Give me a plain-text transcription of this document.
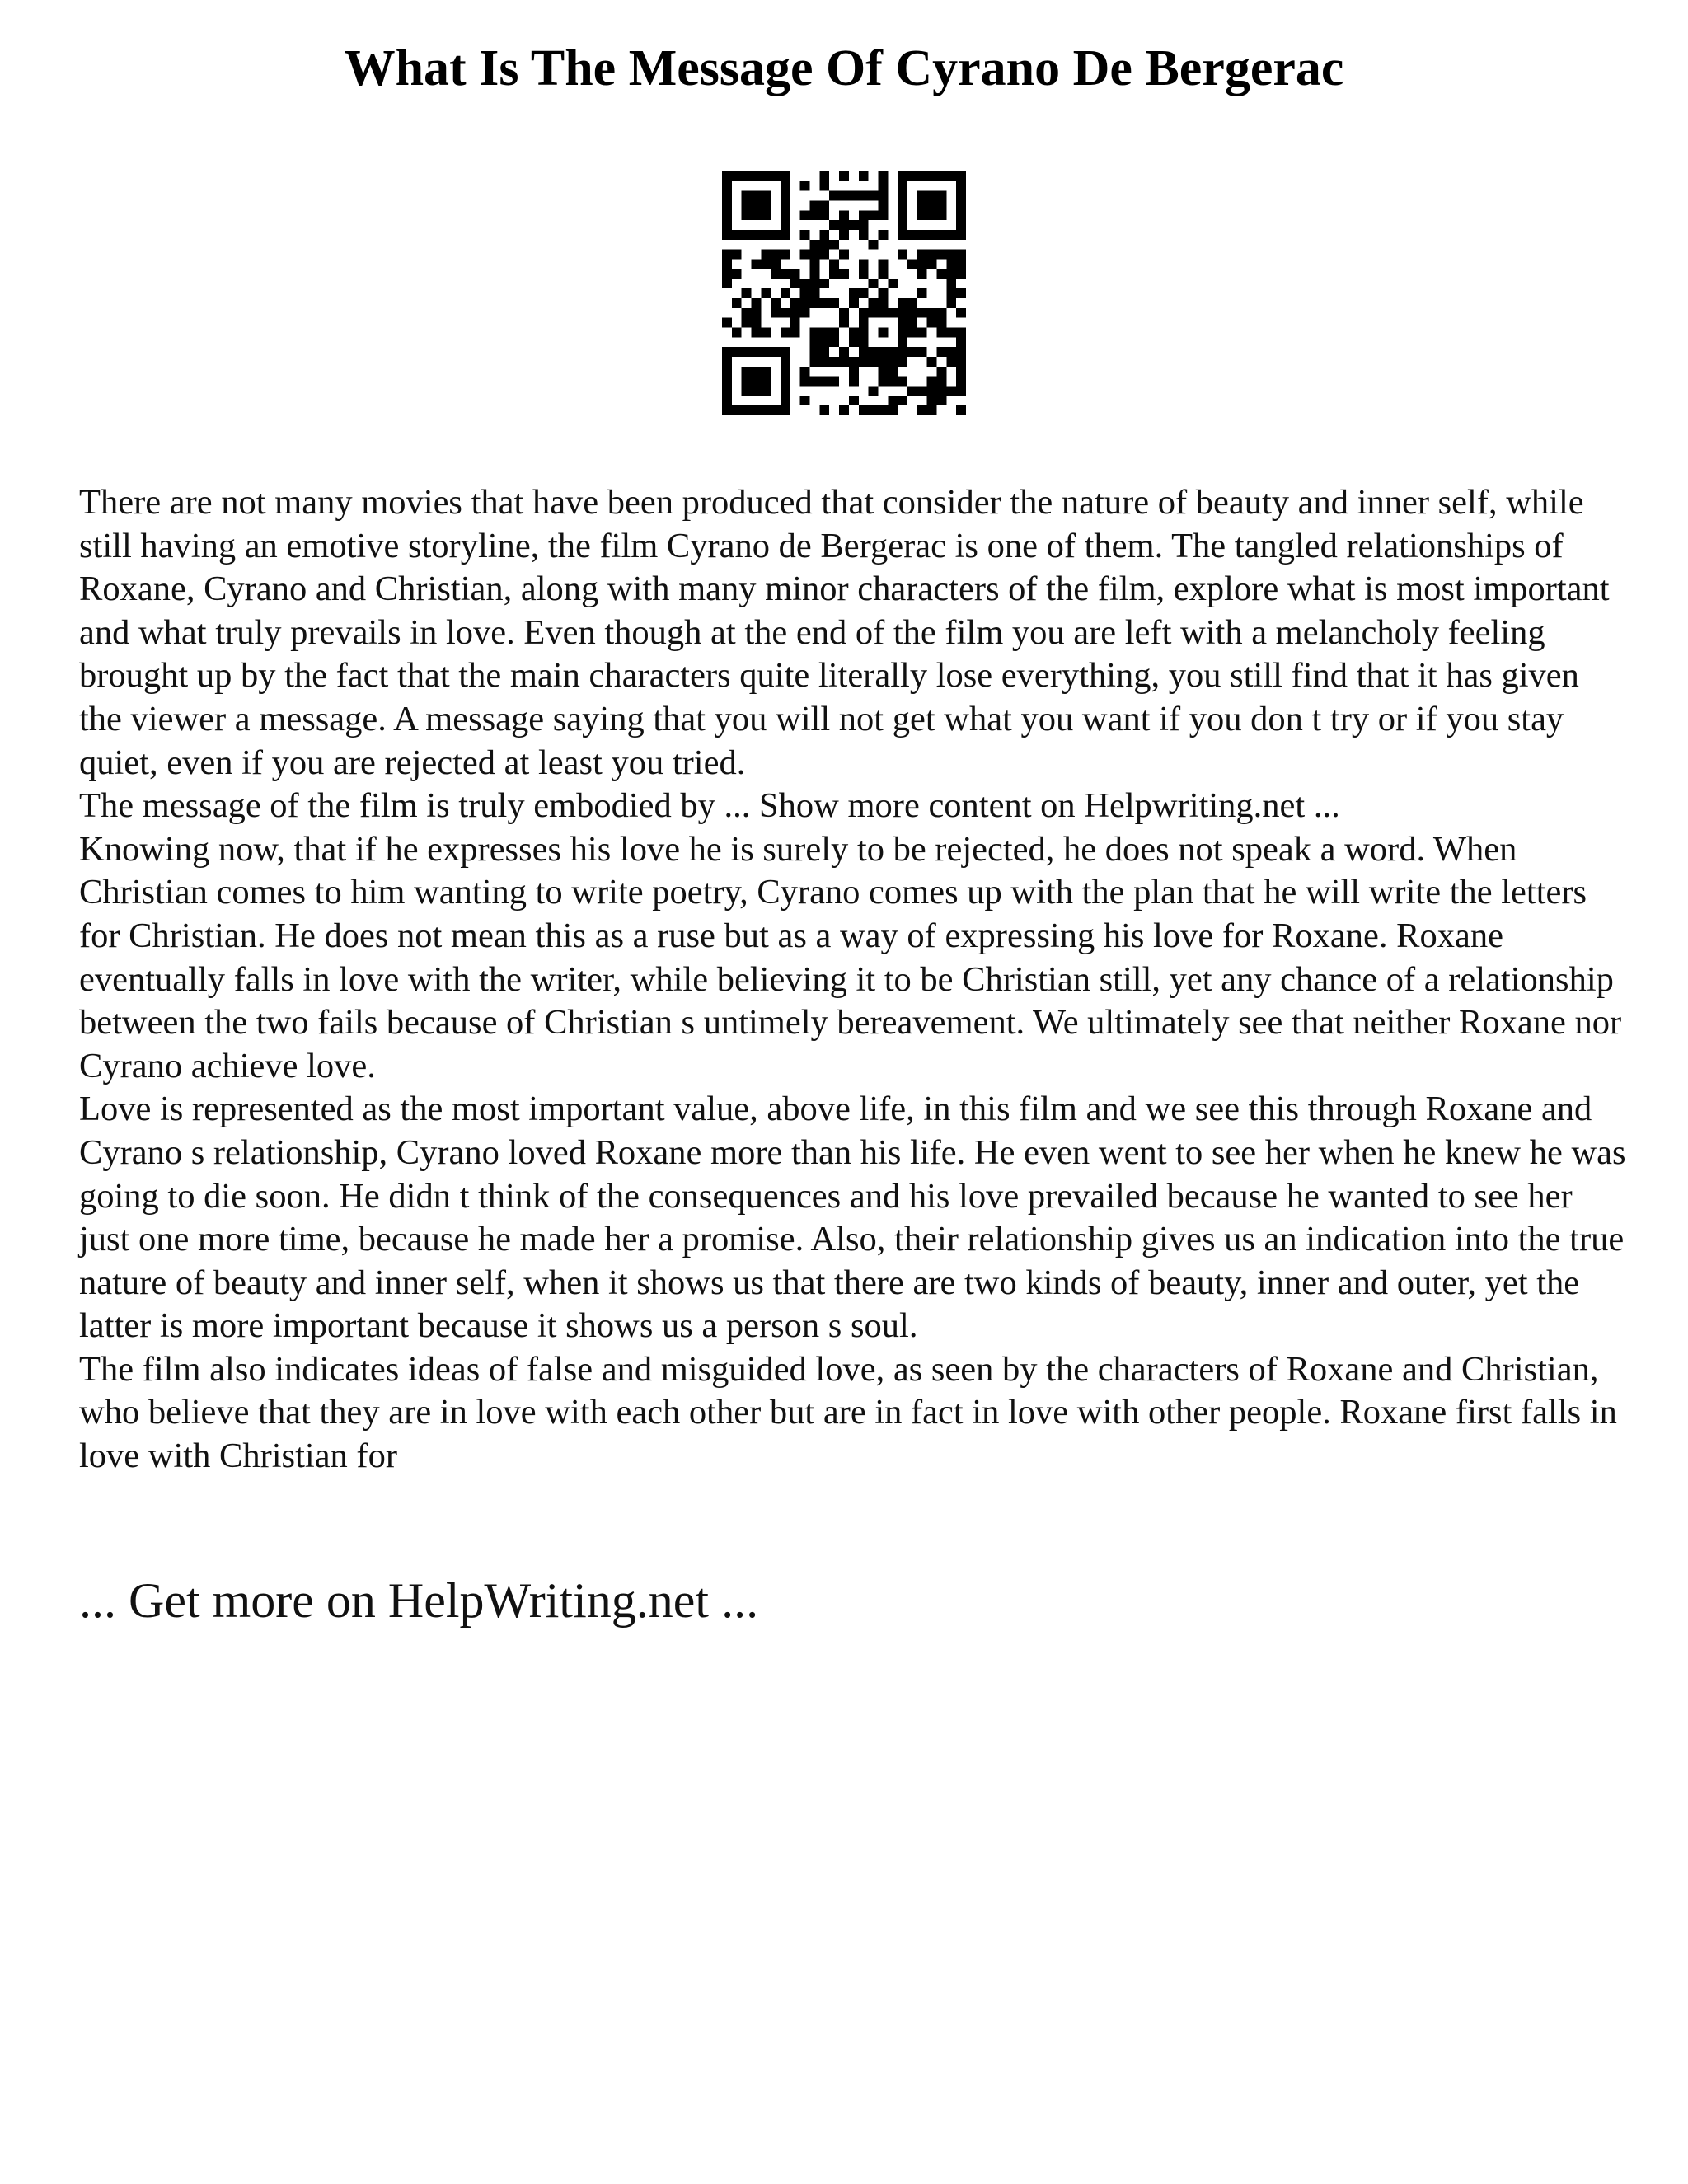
What Is The Message Of Cyrano De Bergerac

There are not many movies that have been produced that consider the nature of beauty and inner self, while still having an emotive storyline, the film Cyrano de Bergerac is one of them. The tangled relationships of Roxane, Cyrano and Christian, along with many minor characters of the film, explore what is most important and what truly prevails in love. Even though at the end of the film you are left with a melancholy feeling brought up by the fact that the main characters quite literally lose everything, you still find that it has given the viewer a message. A message saying that you will not get what you want if you don t try or if you stay quiet, even if you are rejected at least you tried.

The message of the film is truly embodied by ... Show more content on Helpwriting.net ...

Knowing now, that if he expresses his love he is surely to be rejected, he does not speak a word. When Christian comes to him wanting to write poetry, Cyrano comes up with the plan that he will write the letters for Christian. He does not mean this as a ruse but as a way of expressing his love for Roxane. Roxane eventually falls in love with the writer, while believing it to be Christian still, yet any chance of a relationship between the two fails because of Christian s untimely bereavement. We ultimately see that neither Roxane nor Cyrano achieve love.

Love is represented as the most important value, above life, in this film and we see this through Roxane and Cyrano s relationship, Cyrano loved Roxane more than his life. He even went to see her when he knew he was going to die soon. He didn t think of the consequences and his love prevailed because he wanted to see her just one more time, because he made her a promise. Also, their relationship gives us an indication into the true nature of beauty and inner self, when it shows us that there are two kinds of beauty, inner and outer, yet the latter is more important because it shows us a person s soul.

The film also indicates ideas of false and misguided love, as seen by the characters of Roxane and Christian, who believe that they are in love with each other but are in fact in love with other people. Roxane first falls in love with Christian for

... Get more on HelpWriting.net ...
